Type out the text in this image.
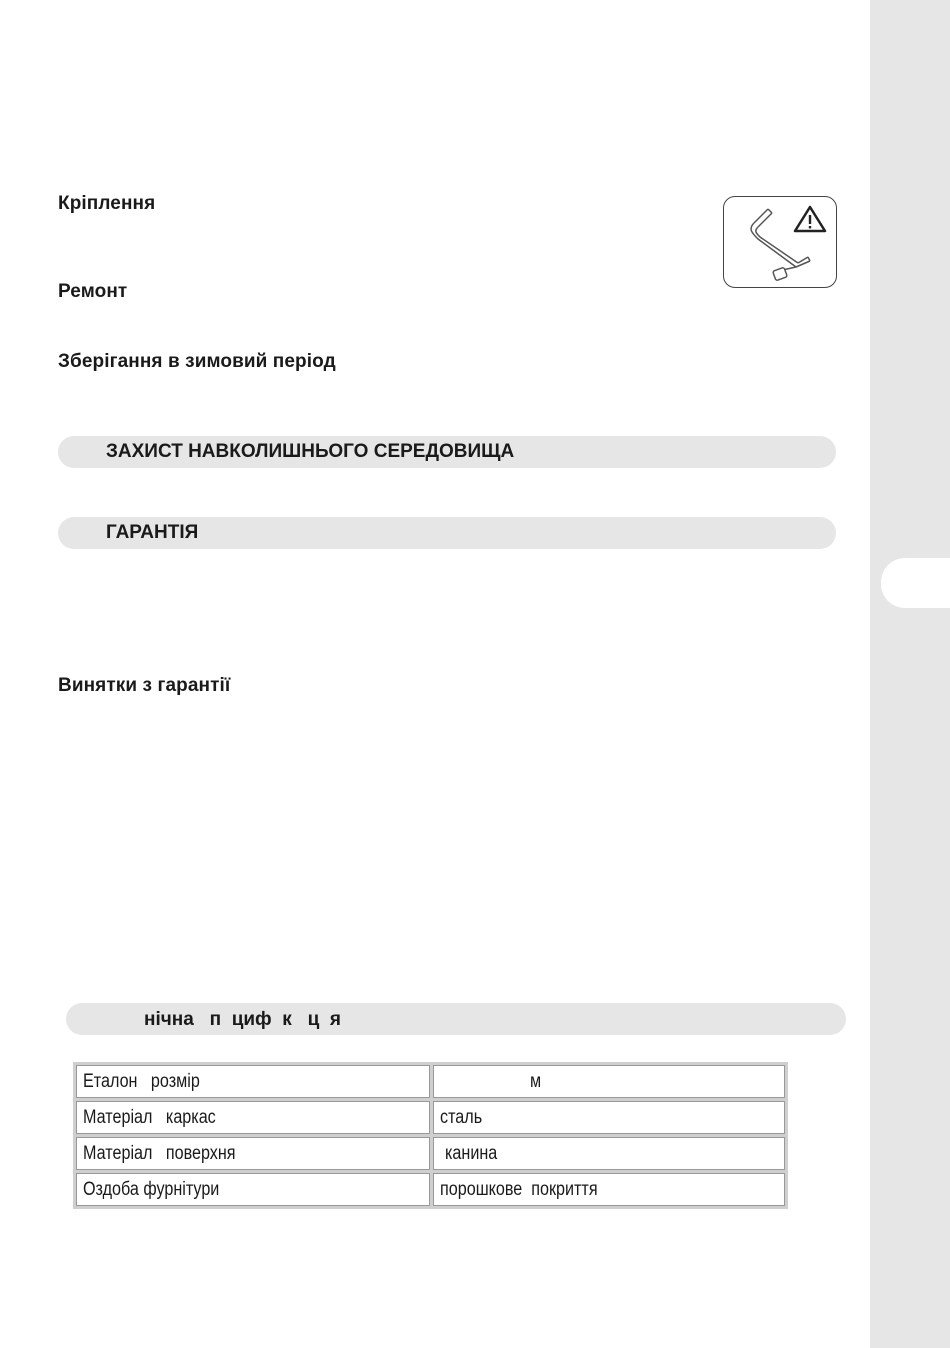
Кріплення
Ремонт
Зберігання в зимовий період
ЗАХИСТ НАВКОЛИШНЬОГО СЕРЕДОВИЩА
ГАРАНТІЯ
Винятки з гарантії
нічна   п  циф  к   ц  я
Еталон   розмір	м
Матеріал   каркас	сталь
Матеріал   поверхня	канина
Оздоба фурнітури	порошкове  покриття
